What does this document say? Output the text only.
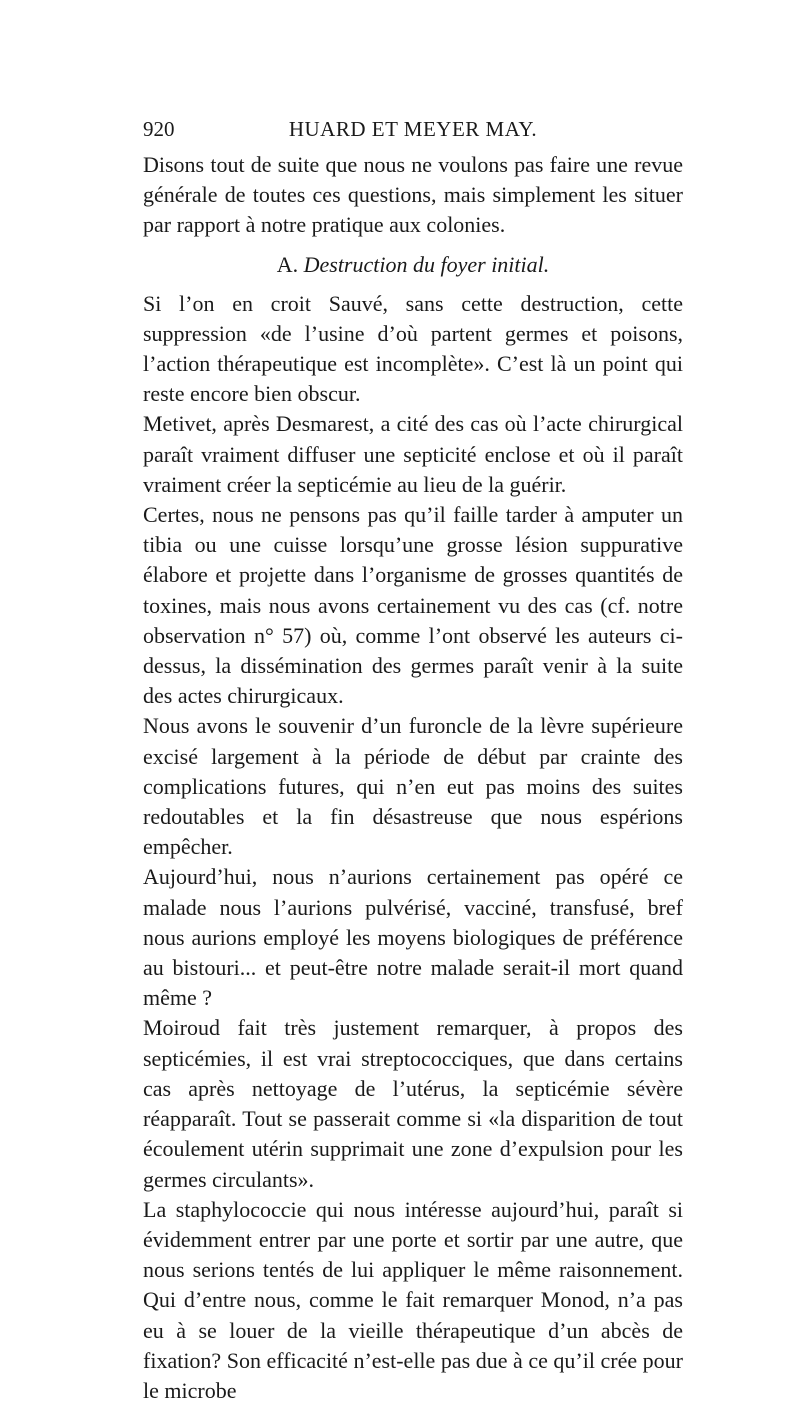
920	HUARD ET MEYER MAY.

Disons tout de suite que nous ne voulons pas faire une revue générale de toutes ces questions, mais simplement les situer par rapport à notre pratique aux colonies.

A. Destruction du foyer initial.

Si l’on en croit Sauvé, sans cette destruction, cette suppression «de l’usine d’où partent germes et poisons, l’action thérapeutique est incomplète». C’est là un point qui reste encore bien obscur.

Metivet, après Desmarest, a cité des cas où l’acte chirurgical paraît vraiment diffuser une septicité enclose et où il paraît vraiment créer la septicémie au lieu de la guérir.

Certes, nous ne pensons pas qu’il faille tarder à amputer un tibia ou une cuisse lorsqu’une grosse lésion suppurative élabore et projette dans l’organisme de grosses quantités de toxines, mais nous avons certainement vu des cas (cf. notre observation n° 57) où, comme l’ont observé les auteurs ci-dessus, la dissémination des germes paraît venir à la suite des actes chirurgicaux.

Nous avons le souvenir d’un furoncle de la lèvre supérieure excisé largement à la période de début par crainte des complications futures, qui n’en eut pas moins des suites redoutables et la fin désastreuse que nous espérions empêcher.

Aujourd’hui, nous n’aurions certainement pas opéré ce malade nous l’aurions pulvérisé, vacciné, transfusé, bref nous aurions employé les moyens biologiques de préférence au bistouri... et peut-être notre malade serait-il mort quand même ?

Moiroud fait très justement remarquer, à propos des septicémies, il est vrai streptococciques, que dans certains cas après nettoyage de l’utérus, la septicémie sévère réapparaît. Tout se passerait comme si «la disparition de tout écoulement utérin supprimait une zone d’expulsion pour les germes circulants».

La staphylococcie qui nous intéresse aujourd’hui, paraît si évidemment entrer par une porte et sortir par une autre, que nous serions tentés de lui appliquer le même raisonnement. Qui d’entre nous, comme le fait remarquer Monod, n’a pas eu à se louer de la vieille thérapeutique d’un abcès de fixation? Son efficacité n’est-elle pas due à ce qu’il crée pour le microbe
